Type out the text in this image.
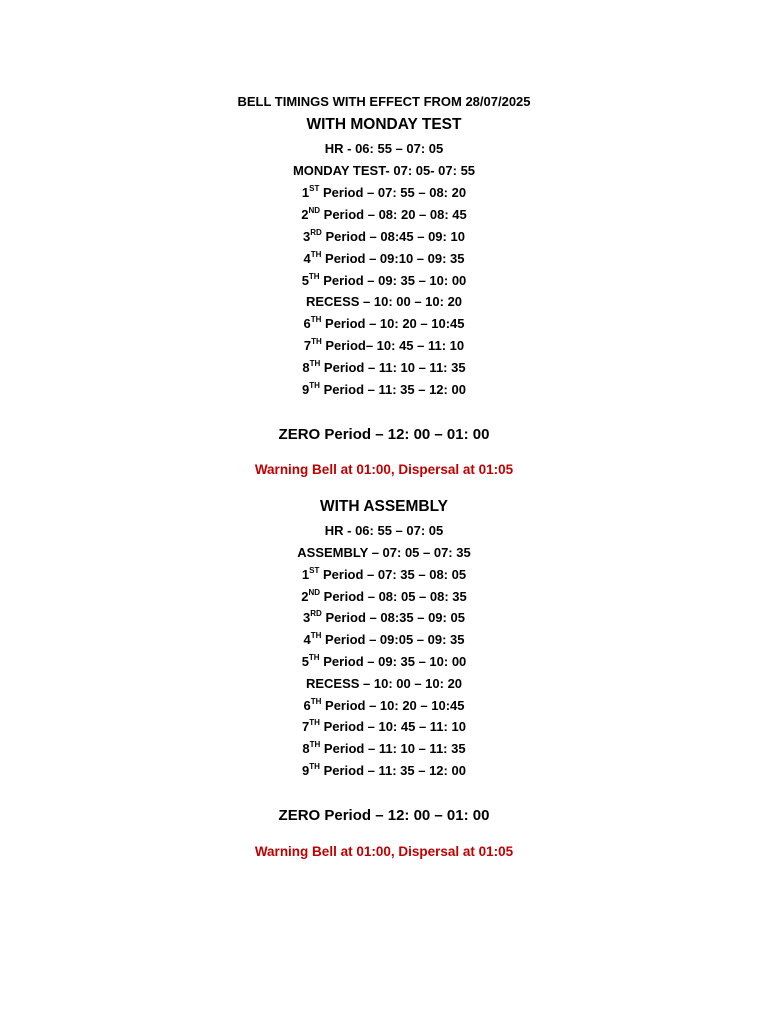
BELL TIMINGS WITH EFFECT FROM 28/07/2025
WITH MONDAY TEST
HR - 06: 55 – 07: 05
MONDAY TEST- 07: 05- 07: 55
1ST Period – 07: 55 – 08: 20
2ND Period – 08: 20 – 08: 45
3RD Period – 08:45 – 09: 10
4TH Period – 09:10 – 09: 35
5TH Period – 09: 35 – 10: 00
RECESS – 10: 00 – 10: 20
6TH Period – 10: 20 – 10:45
7TH Period– 10: 45 – 11: 10
8TH Period – 11: 10 – 11: 35
9TH Period – 11: 35 – 12: 00
ZERO Period – 12: 00 – 01: 00
Warning Bell at 01:00, Dispersal at 01:05
WITH ASSEMBLY
HR - 06: 55 – 07: 05
ASSEMBLY – 07: 05 – 07: 35
1ST Period – 07: 35 – 08: 05
2ND Period – 08: 05 – 08: 35
3RD Period – 08:35 – 09: 05
4TH Period – 09:05 – 09: 35
5TH Period – 09: 35 – 10: 00
RECESS – 10: 00 – 10: 20
6TH Period – 10: 20 – 10:45
7TH Period – 10: 45 – 11: 10
8TH Period – 11: 10 – 11: 35
9TH Period – 11: 35 – 12: 00
ZERO Period – 12: 00 – 01: 00
Warning Bell at 01:00, Dispersal at 01:05
